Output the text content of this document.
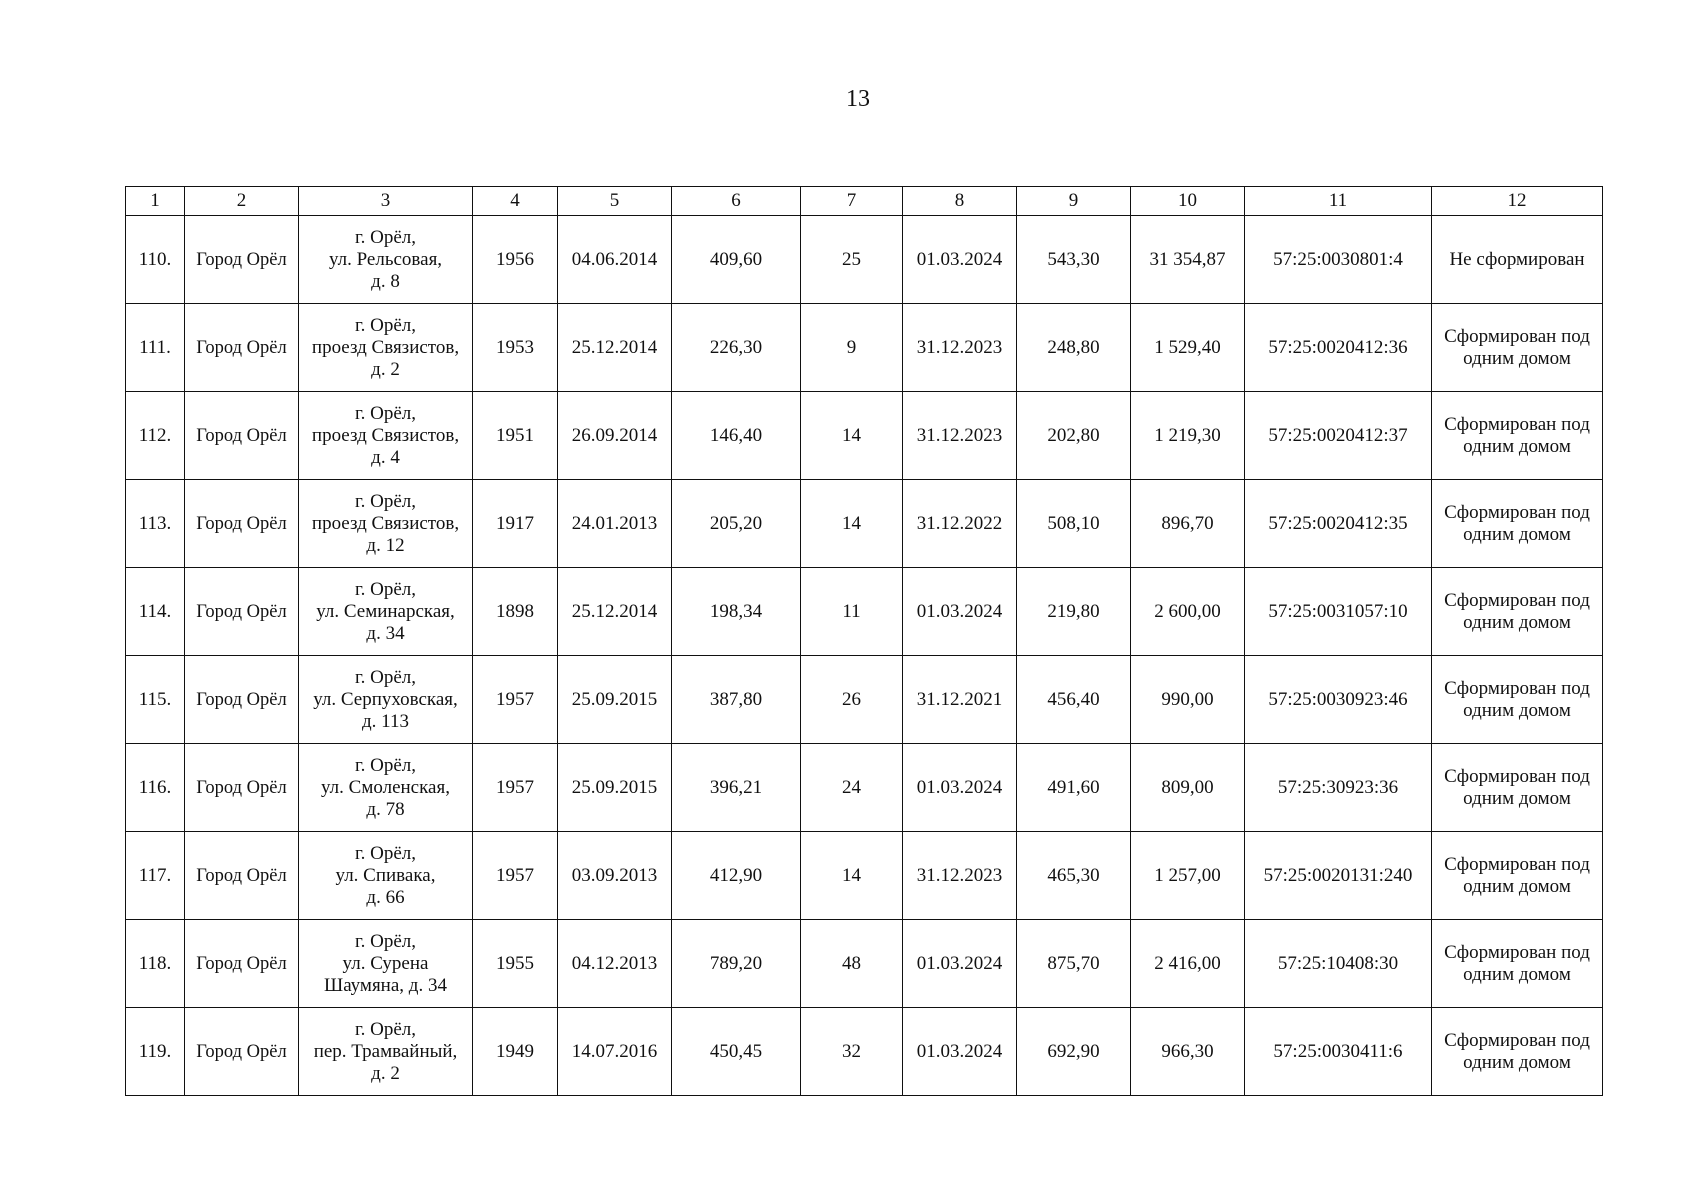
13
1	2	3	4	5	6	7	8	9	10	11	12
110.	Город Орёл	г. Орёл,
ул. Рельсовая,
д. 8	1956	04.06.2014	409,60	25	01.03.2024	543,30	31 354,87	57:25:0030801:4	Не сформирован
111.	Город Орёл	г. Орёл,
проезд Связистов,
д. 2	1953	25.12.2014	226,30	9	31.12.2023	248,80	1 529,40	57:25:0020412:36	Сформирован под
одним домом
112.	Город Орёл	г. Орёл,
проезд Связистов,
д. 4	1951	26.09.2014	146,40	14	31.12.2023	202,80	1 219,30	57:25:0020412:37	Сформирован под
одним домом
113.	Город Орёл	г. Орёл,
проезд Связистов,
д. 12	1917	24.01.2013	205,20	14	31.12.2022	508,10	896,70	57:25:0020412:35	Сформирован под
одним домом
114.	Город Орёл	г. Орёл,
ул. Семинарская,
д. 34	1898	25.12.2014	198,34	11	01.03.2024	219,80	2 600,00	57:25:0031057:10	Сформирован под
одним домом
115.	Город Орёл	г. Орёл,
ул. Серпуховская,
д. 113	1957	25.09.2015	387,80	26	31.12.2021	456,40	990,00	57:25:0030923:46	Сформирован под
одним домом
116.	Город Орёл	г. Орёл,
ул. Смоленская,
д. 78	1957	25.09.2015	396,21	24	01.03.2024	491,60	809,00	57:25:30923:36	Сформирован под
одним домом
117.	Город Орёл	г. Орёл,
ул. Спивака,
д. 66	1957	03.09.2013	412,90	14	31.12.2023	465,30	1 257,00	57:25:0020131:240	Сформирован под
одним домом
118.	Город Орёл	г. Орёл,
ул. Сурена
Шаумяна, д. 34	1955	04.12.2013	789,20	48	01.03.2024	875,70	2 416,00	57:25:10408:30	Сформирован под
одним домом
119.	Город Орёл	г. Орёл,
пер. Трамвайный,
д. 2	1949	14.07.2016	450,45	32	01.03.2024	692,90	966,30	57:25:0030411:6	Сформирован под
одним домом
